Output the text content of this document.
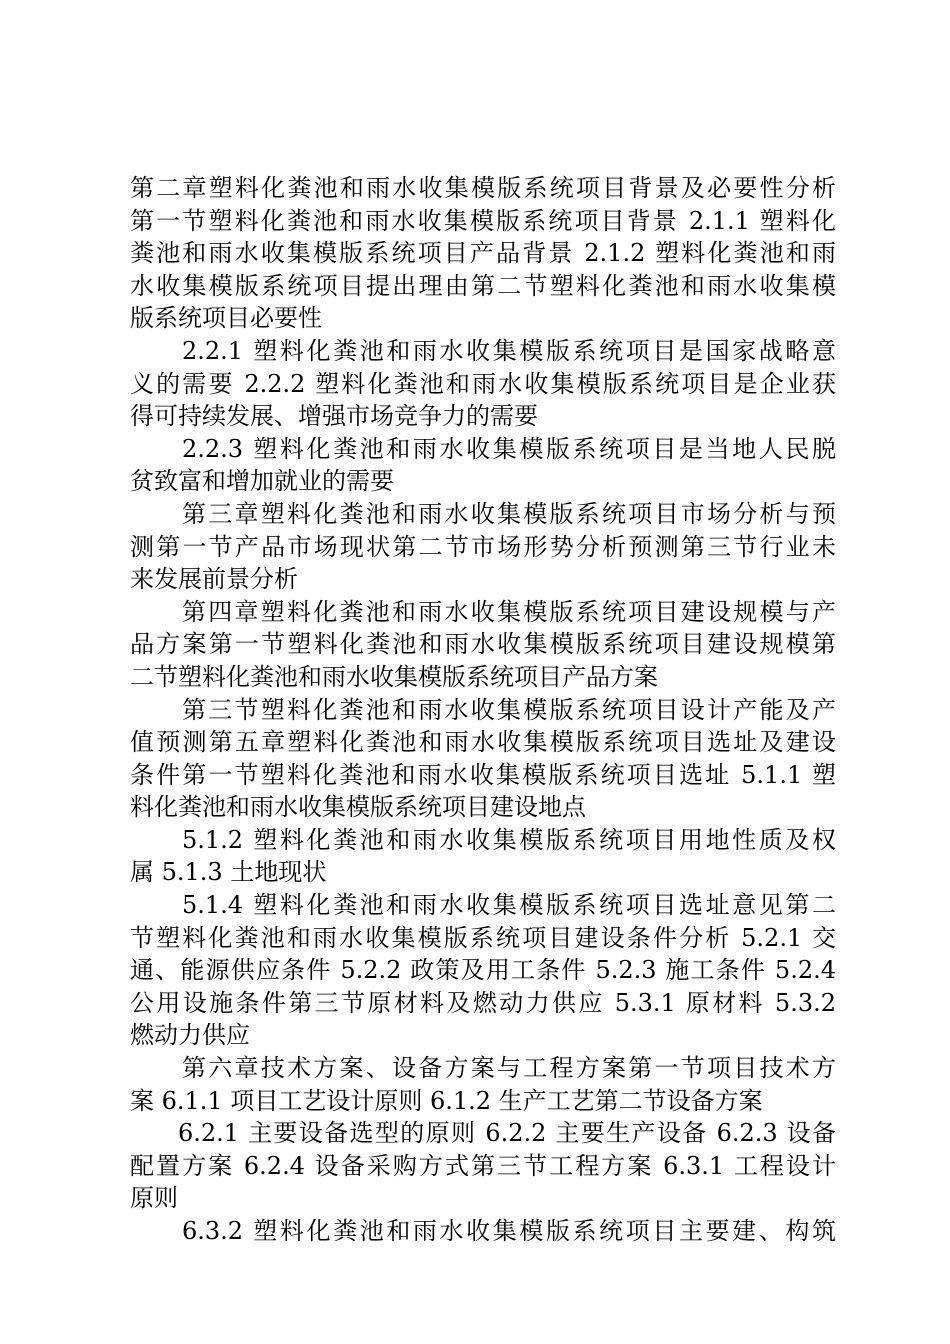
第二章塑料化粪池和雨水收集模版系统项目背景及必要性分析
第一节塑料化粪池和雨水收集模版系统项目背景 2.1.1 塑料化
粪池和雨水收集模版系统项目产品背景 2.1.2 塑料化粪池和雨
水收集模版系统项目提出理由第二节塑料化粪池和雨水收集模
版系统项目必要性
2.2.1 塑料化粪池和雨水收集模版系统项目是国家战略意
义的需要 2.2.2 塑料化粪池和雨水收集模版系统项目是企业获
得可持续发展、增强市场竞争力的需要
2.2.3 塑料化粪池和雨水收集模版系统项目是当地人民脱
贫致富和增加就业的需要
第三章塑料化粪池和雨水收集模版系统项目市场分析与预
测第一节产品市场现状第二节市场形势分析预测第三节行业未
来发展前景分析
第四章塑料化粪池和雨水收集模版系统项目建设规模与产
品方案第一节塑料化粪池和雨水收集模版系统项目建设规模第
二节塑料化粪池和雨水收集模版系统项目产品方案
第三节塑料化粪池和雨水收集模版系统项目设计产能及产
值预测第五章塑料化粪池和雨水收集模版系统项目选址及建设
条件第一节塑料化粪池和雨水收集模版系统项目选址 5.1.1 塑
料化粪池和雨水收集模版系统项目建设地点
5.1.2 塑料化粪池和雨水收集模版系统项目用地性质及权
属 5.1.3 土地现状
5.1.4 塑料化粪池和雨水收集模版系统项目选址意见第二
节塑料化粪池和雨水收集模版系统项目建设条件分析 5.2.1 交
通、能源供应条件 5.2.2 政策及用工条件 5.2.3 施工条件 5.2.4
公用设施条件第三节原材料及燃动力供应 5.3.1 原材料 5.3.2
燃动力供应
第六章技术方案、设备方案与工程方案第一节项目技术方
案 6.1.1 项目工艺设计原则 6.1.2 生产工艺第二节设备方案
6.2.1 主要设备选型的原则 6.2.2 主要生产设备 6.2.3 设备
配置方案 6.2.4 设备采购方式第三节工程方案 6.3.1 工程设计
原则
6.3.2 塑料化粪池和雨水收集模版系统项目主要建、构筑
